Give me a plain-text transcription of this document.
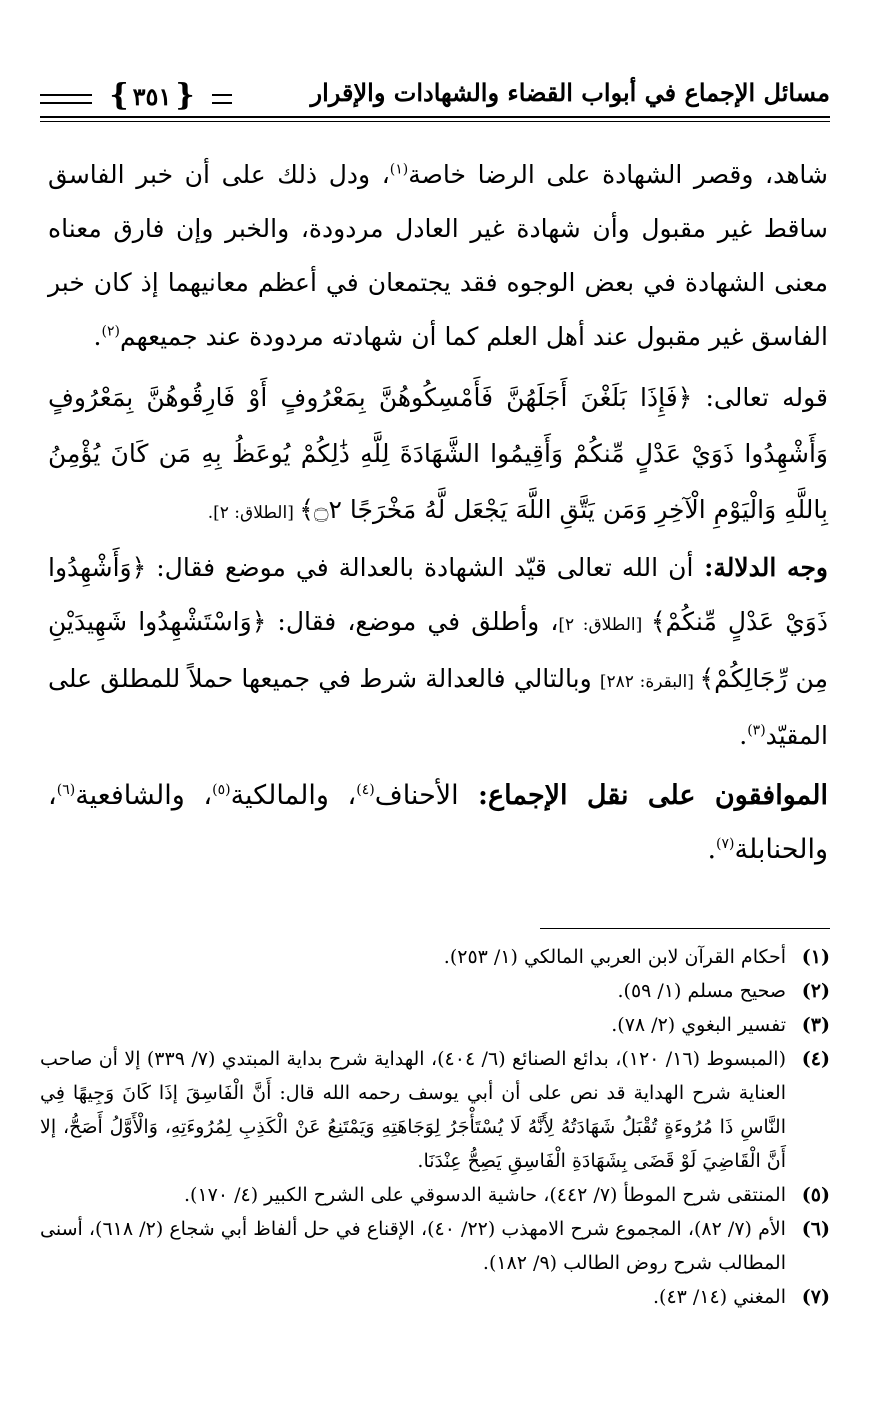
مسائل الإجماع في أبواب القضاء والشهادات والإقرار
{ ٣٥١ }

شاهد، وقصر الشهادة على الرضا خاصة$^{(١)}$، ودل ذلك على أن خبر الفاسق ساقط غير مقبول وأن شهادة غير العادل مردودة، والخبر وإن فارق معناه معنى الشهادة في بعض الوجوه فقد يجتمعان في أعظم معانيهما إذ كان خبر الفاسق غير مقبول عند أهل العلم كما أن شهادته مردودة عند جميعهم$^{(٢)}$.

قوله تعالى: ﴿فَإِذَا بَلَغْنَ أَجَلَهُنَّ فَأَمْسِكُوهُنَّ بِمَعْرُوفٍ أَوْ فَارِقُوهُنَّ بِمَعْرُوفٍ وَأَشْهِدُوا ذَوَيْ عَدْلٍ مِّنكُمْ وَأَقِيمُوا الشَّهَادَةَ لِلَّهِ ذَٰلِكُمْ يُوعَظُ بِهِ مَن كَانَ يُؤْمِنُ بِاللَّهِ وَالْيَوْمِ الْآخِرِ وَمَن يَتَّقِ اللَّهَ يَجْعَل لَّهُ مَخْرَجًا ۝٢﴾ [الطلاق: ٢].

وجه الدلالة: أن الله تعالى قيّد الشهادة بالعدالة في موضع فقال: ﴿وَأَشْهِدُوا ذَوَيْ عَدْلٍ مِّنكُمْ﴾ [الطلاق: ٢]، وأطلق في موضع، فقال: ﴿وَاسْتَشْهِدُوا شَهِيدَيْنِ مِن رِّجَالِكُمْ﴾ [البقرة: ٢٨٢] وبالتالي فالعدالة شرط في جميعها حملاً للمطلق على المقيّد$^{(٣)}$.

الموافقون على نقل الإجماع: الأحناف$^{(٤)}$، والمالكية$^{(٥)}$، والشافعية$^{(٦)}$، والحنابلة$^{(٧)}$.

(١)
أحكام القرآن لابن العربي المالكي (١/ ٢٥٣).
(٢)
صحيح مسلم (١/ ٥٩).
(٣)
تفسير البغوي (٢/ ٧٨).
(٤)
(المبسوط (١٦/ ١٢٠)، بدائع الصنائع (٦/ ٤٠٤)، الهداية شرح بداية المبتدي (٧/ ٣٣٩) إلا أن صاحب العناية شرح الهداية قد نص على أن أبي يوسف رحمه الله قال: أَنَّ الْفَاسِقَ إذَا كَانَ وَجِيهًا فِي النَّاسِ ذَا مُرُوءَةٍ تُقْبَلُ شَهَادَتُهُ لِأَنَّهُ لَا يُسْتَأْجَرُ لِوَجَاهَتِهِ وَيَمْتَنِعُ عَنْ الْكَذِبِ لِمُرُوءَتِهِ، وَالْأَوَّلُ أَصَحُّ، إلا أَنَّ الْقَاضِيَ لَوْ قَضَى بِشَهَادَةِ الْفَاسِقِ يَصِحُّ عِنْدَنَا.
(٥)
المنتقى شرح الموطأ (٧/ ٤٤٢)، حاشية الدسوقي على الشرح الكبير (٤/ ١٧٠).
(٦)
الأم (٧/ ٨٢)، المجموع شرح الامهذب (٢٢/ ٤٠)، الإقناع في حل ألفاظ أبي شجاع (٢/ ٦١٨)، أسنى المطالب شرح روض الطالب (٩/ ١٨٢).
(٧)
المغني (١٤/ ٤٣).
